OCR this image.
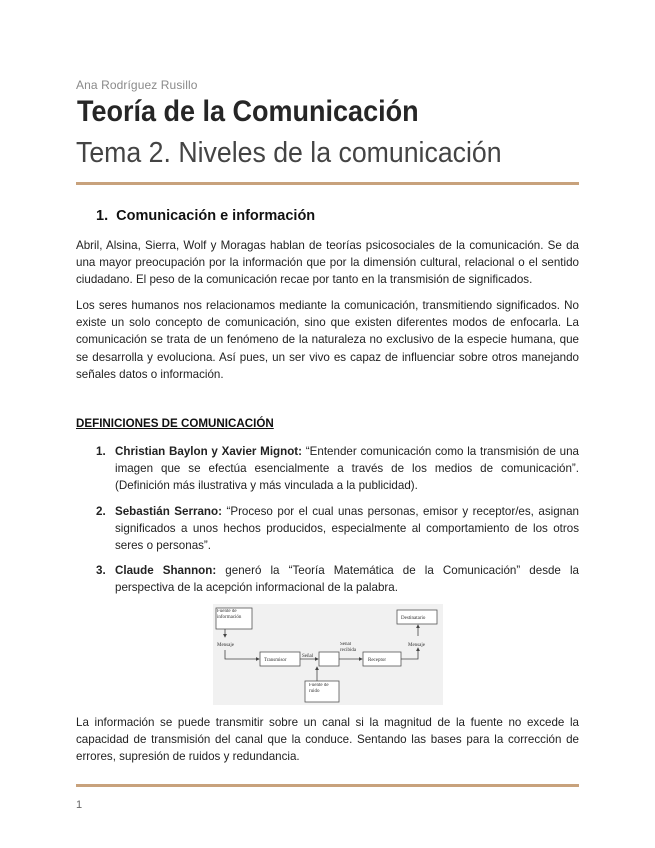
Ana Rodríguez Rusillo
Teoría de la Comunicación
Tema 2. Niveles de la comunicación
1. Comunicación e información

Abril, Alsina, Sierra, Wolf y Moragas hablan de teorías psicosociales de la comunicación. Se da una mayor preocupación por la información que por la dimensión cultural, relacional o el sentido ciudadano. El peso de la comunicación recae por tanto en la transmisión de significados.

Los seres humanos nos relacionamos mediante la comunicación, transmitiendo significados. No existe un solo concepto de comunicación, sino que existen diferentes modos de enfocarla. La comunicación se trata de un fenómeno de la naturaleza no exclusivo de la especie humana, que se desarrolla y evoluciona. Así pues, un ser vivo es capaz de influenciar sobre otros manejando señales datos o información.

DEFINICIONES DE COMUNICACIÓN
1. Christian Baylon y Xavier Mignot: “Entender comunicación como la transmisión de una imagen que se efectúa esencialmente a través de los medios de comunicación”. (Definición más ilustrativa y más vinculada a la publicidad).
2. Sebastián Serrano: “Proceso por el cual unas personas, emisor y receptor/es, asignan significados a unos hechos producidos, especialmente al comportamiento de los otros seres o personas”.
3. Claude Shannon: generó la “Teoría Matemática de la Comunicación” desde la perspectiva de la acepción informacional de la palabra.
Fuente de información
Mensaje
Transmisor
Señal
Señal recibida
Receptor
Mensaje
Destinatario
Fuente de ruido

La información se puede transmitir sobre un canal si la magnitud de la fuente no excede la capacidad de transmisión del canal que la conduce. Sentando las bases para la corrección de errores, supresión de ruidos y redundancia.

1
